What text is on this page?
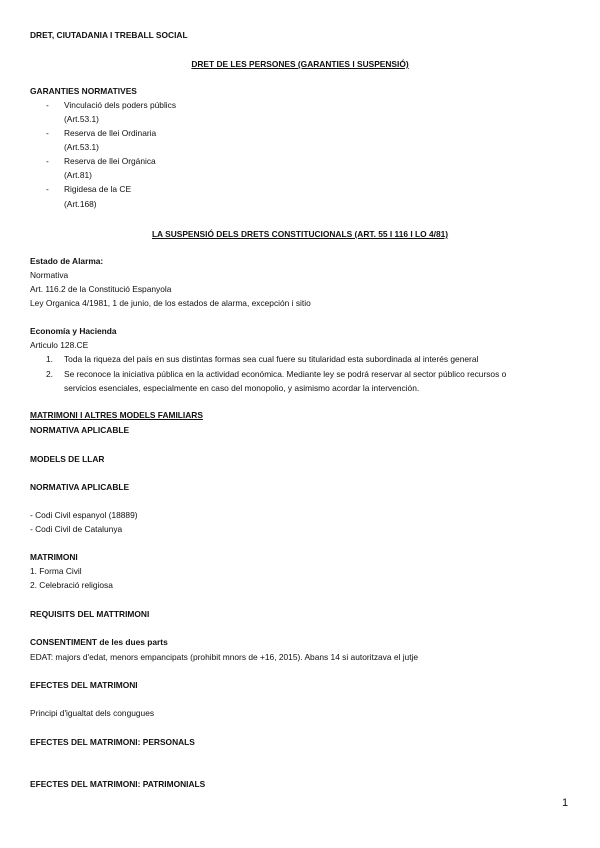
DRET, CIUTADANIA I TREBALL SOCIAL
DRET DE LES PERSONES (GARANTIES I SUSPENSIÓ)
GARANTIES NORMATIVES
- Vinculació dels poders públics
(Art.53.1)
- Reserva de llei Ordinaria
(Art.53.1)
- Reserva de llei Orgánica
(Art.81)
- Rigidesa de la CE
(Art.168)
LA SUSPENSIÓ DELS DRETS CONSTITUCIONALS (ART. 55 I 116 I LO 4/81)
Estado de Alarma:
Normativa
Art. 116.2 de la Constitució Espanyola
Ley Organica 4/1981, 1 de junio, de los estados de alarma, excepción i sitio
Economía y Hacienda
Articulo 128.CE
1. Toda la riqueza del país en sus distintas formas sea cual fuere su titularidad esta subordinada al interés general
2. Se reconoce la iniciativa pública en la actividad económica. Mediante ley se podrá reservar al sector público recursos o
servicios esenciales, especialmente en caso del monopolio, y asimismo acordar la intervención.
MATRIMONI I ALTRES MODELS FAMILIARS
NORMATIVA APLICABLE
MODELS DE LLAR
NORMATIVA APLICABLE
- Codi Civil espanyol (18889)
- Codi Civil de Catalunya
MATRIMONI
1. Forma Civil
2. Celebració religiosa
REQUISITS DEL MATTRIMONI
CONSENTIMENT de les dues parts
EDAT: majors d'edat, menors empancipats (prohibit mnors de +16, 2015). Abans 14 si autoritzava el jutje
EFECTES DEL MATRIMONI
Principi d'igualtat dels congugues
EFECTES DEL MATRIMONI: PERSONALS
EFECTES DEL MATRIMONI: PATRIMONIALS
1
